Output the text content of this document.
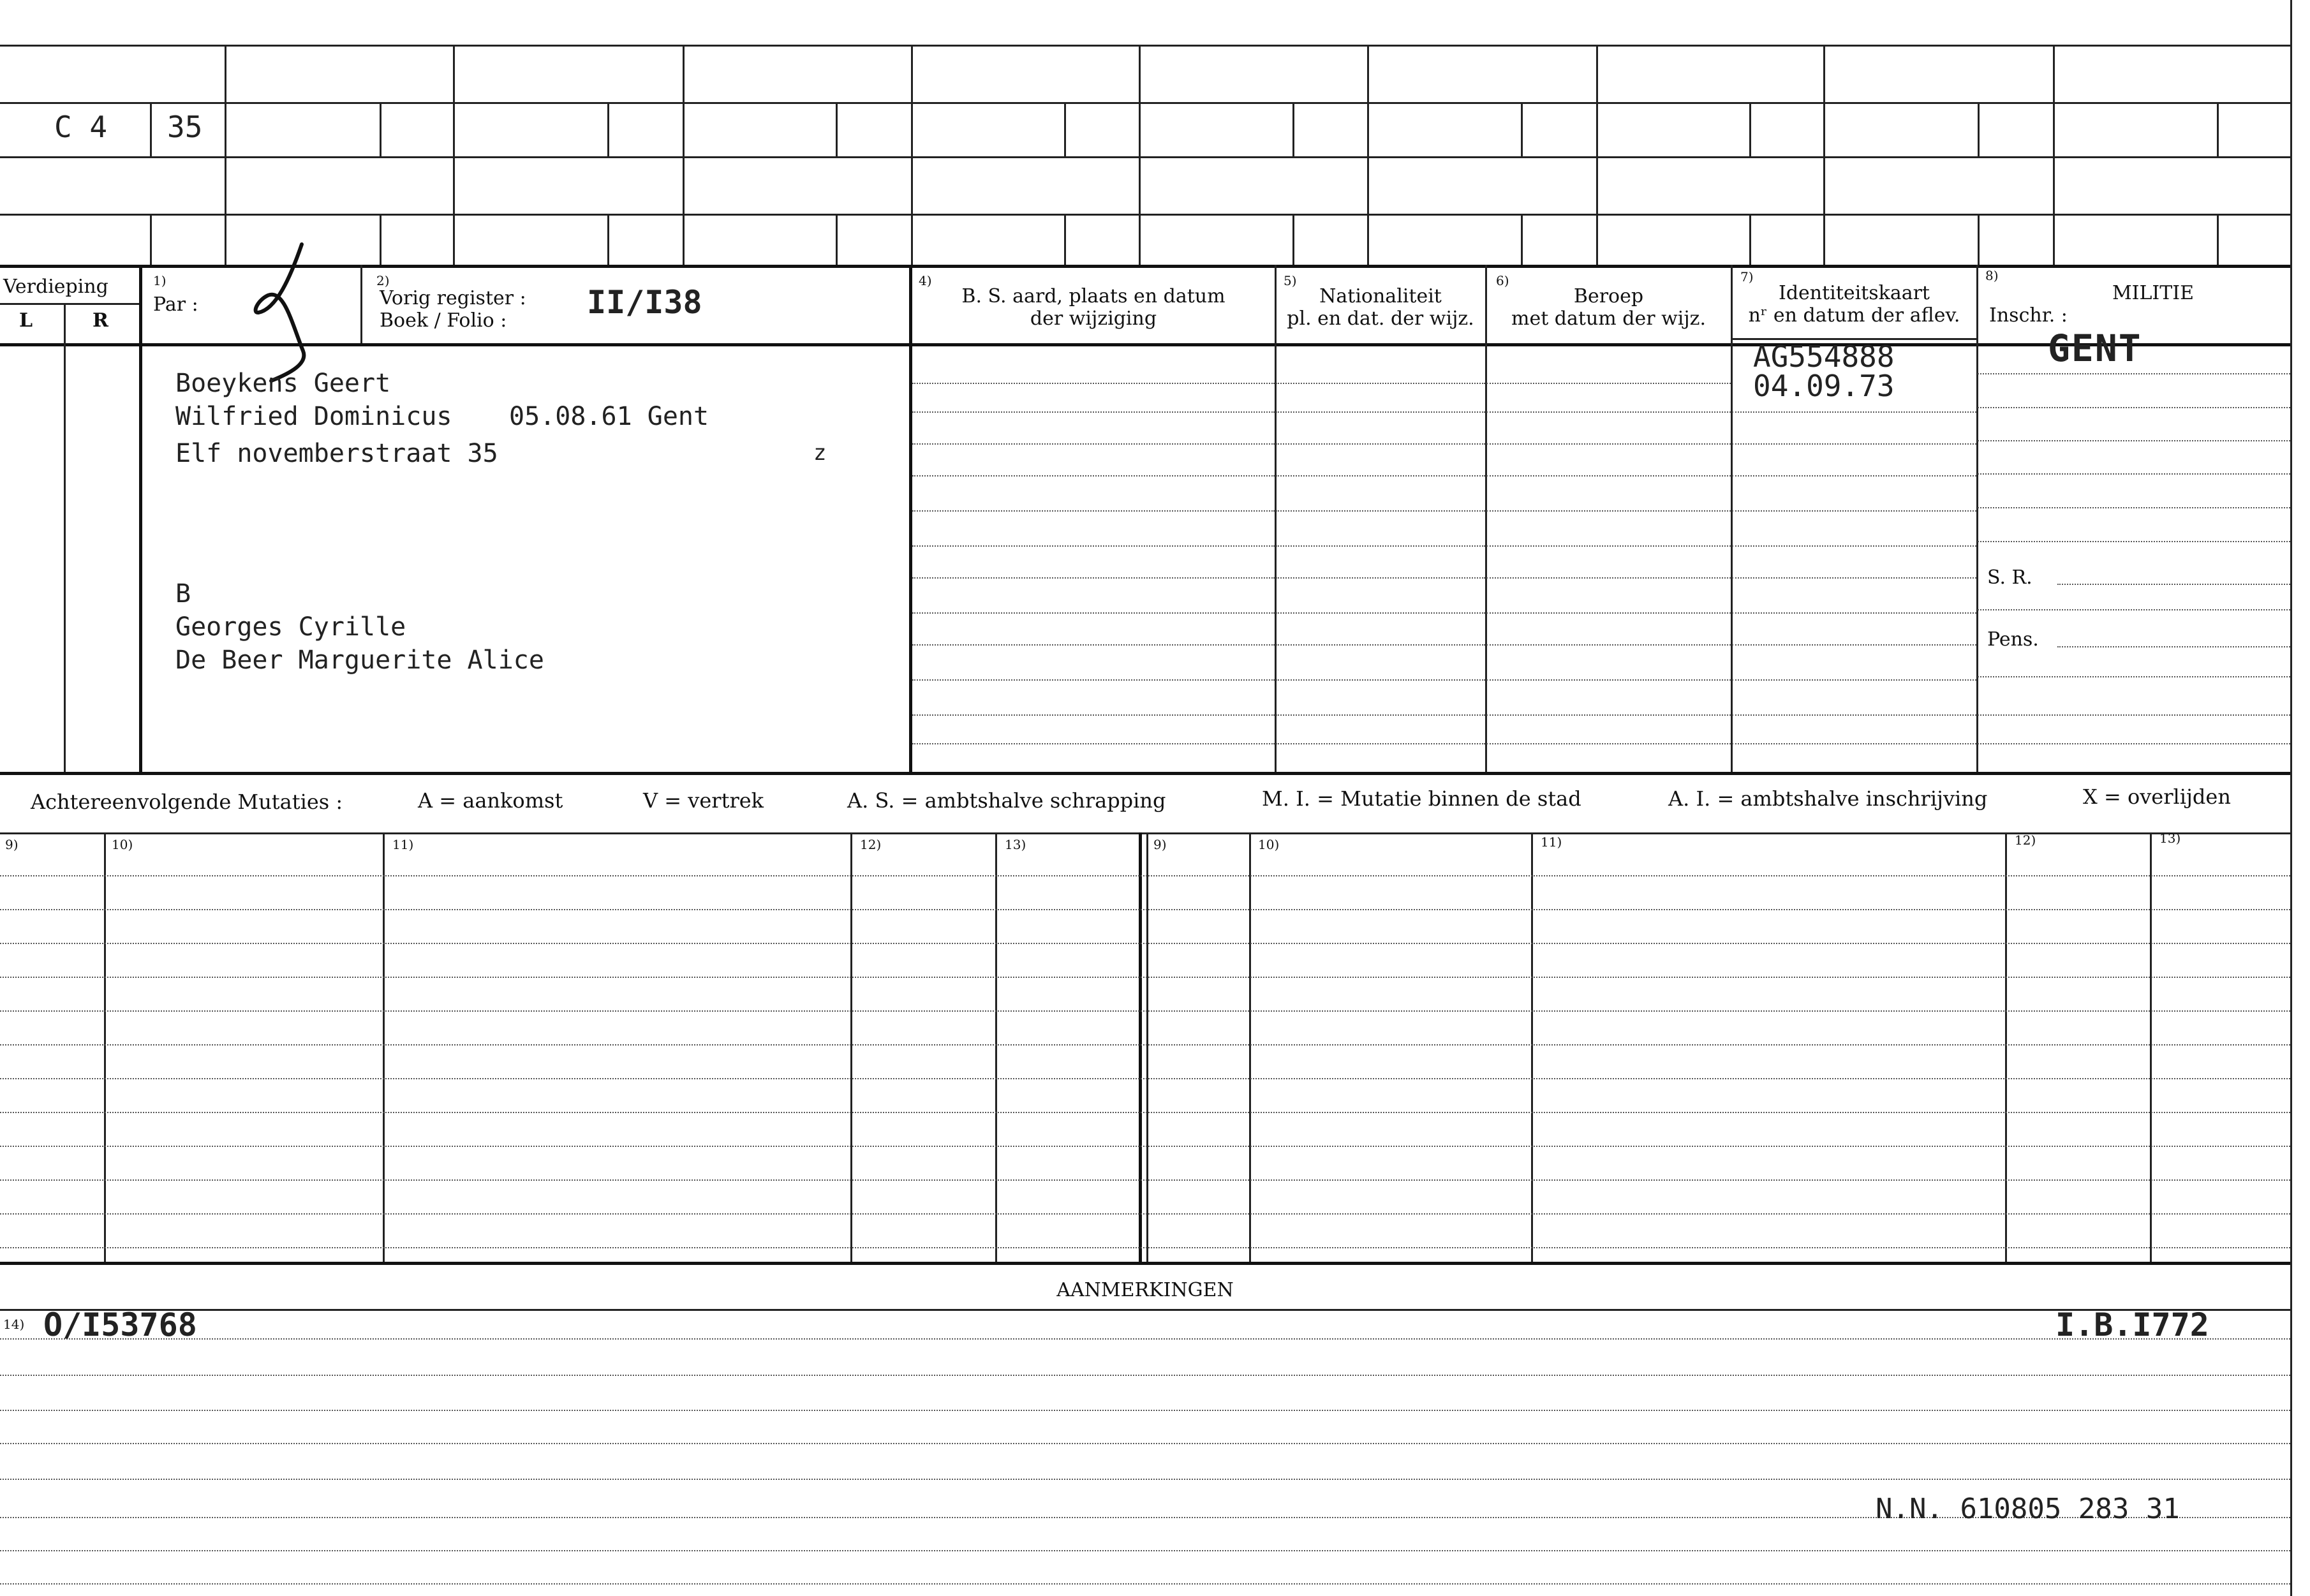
C 4 35
Verdieping
L	R
1)
Par :
2)
Vorig register :
Boek / Folio :	II/I38
4)
B. S. aard, plaats en datum
der wijziging
5)
Nationaliteit
pl. en dat. der wijz.
6)
Beroep
met datum der wijz.
7)
Identiteitskaart
nʳ en datum der aflev.
8)
MILITIE
Inschr. :
GENT
Boeykens Geert
Wilfried Dominicus 05.08.61 Gent
Elf novemberstraat 35	z
B
Georges Cyrille
De Beer Marguerite Alice
AG554888
04.09.73
S. R.
Pens.
Achtereenvolgende Mutaties :	A = aankomst	V = vertrek	A. S. = ambtshalve schrapping	M. I. = Mutatie binnen de stad	A. I. = ambtshalve inschrijving	X = overlijden
9)	10)	11)	12)	13)	9)	10)	11)	12)	13)
AANMERKINGEN
14) O/I53768	I.B.I772
N.N. 610805 283 31
